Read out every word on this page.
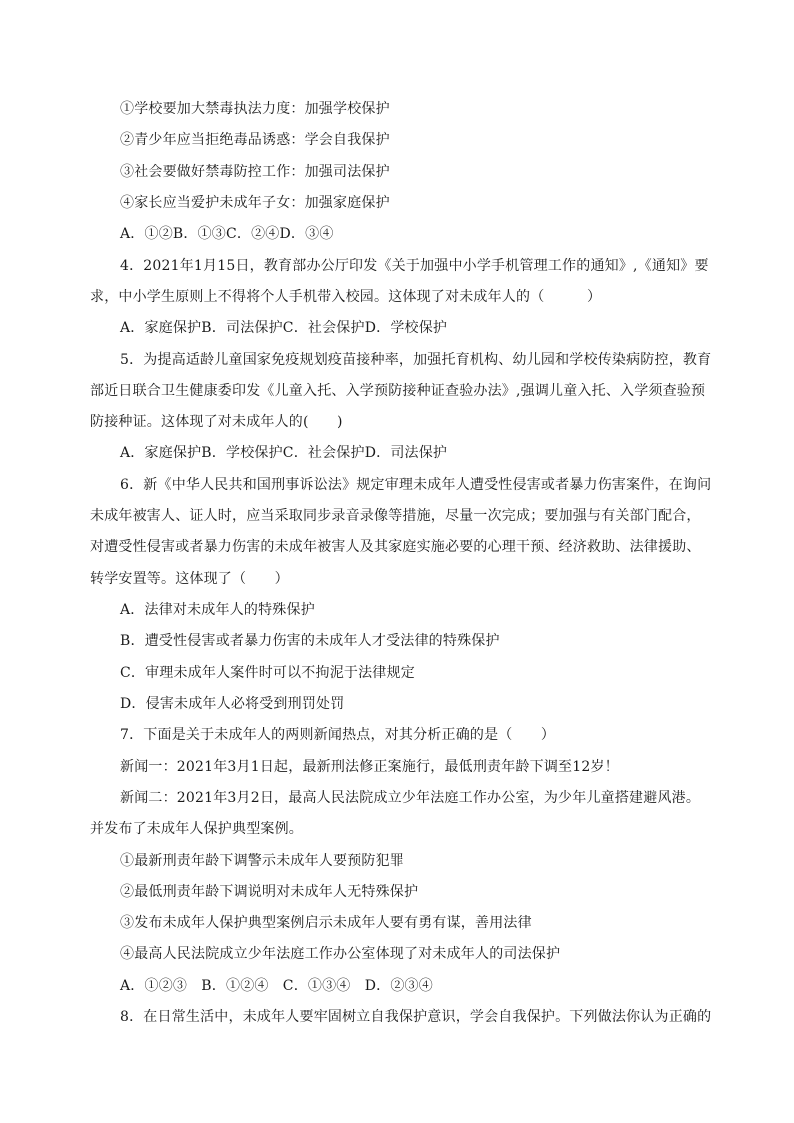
①学校要加大禁毒执法力度：加强学校保护
②青少年应当拒绝毒品诱惑：学会自我保护
③社会要做好禁毒防控工作：加强司法保护
④家长应当爱护未成年子女：加强家庭保护
A．①②B．①③C．②④D．③④
4．2021年1月15日，教育部办公厅印发《关于加强中小学手机管理工作的通知》,《通知》要
求，中小学生原则上不得将个人手机带入校园。这体现了对未成年人的（　　　）
A．家庭保护B．司法保护C．社会保护D．学校保护
5．为提高适龄儿童国家免疫规划疫苗接种率，加强托育机构、幼儿园和学校传染病防控，教育
部近日联合卫生健康委印发《儿童入托、入学预防接种证查验办法》,强调儿童入托、入学须查验预
防接种证。这体现了对未成年人的(　　)
A．家庭保护B．学校保护C．社会保护D．司法保护
6．新《中华人民共和国刑事诉讼法》规定审理未成年人遭受性侵害或者暴力伤害案件，在询问
未成年被害人、证人时，应当采取同步录音录像等措施，尽量一次完成；要加强与有关部门配合，
对遭受性侵害或者暴力伤害的未成年被害人及其家庭实施必要的心理干预、经济救助、法律援助、
转学安置等。这体现了（　　）
A．法律对未成年人的特殊保护
B．遭受性侵害或者暴力伤害的未成年人才受法律的特殊保护
C．审理未成年人案件时可以不拘泥于法律规定
D．侵害未成年人必将受到刑罚处罚
7．下面是关于未成年人的两则新闻热点，对其分析正确的是（　　）
新闻一：2021年3月1日起，最新刑法修正案施行，最低刑责年龄下调至12岁！
新闻二：2021年3月2日，最高人民法院成立少年法庭工作办公室，为少年儿童搭建避风港。
并发布了未成年人保护典型案例。
①最新刑责年龄下调警示未成年人要预防犯罪
②最低刑责年龄下调说明对未成年人无特殊保护
③发布未成年人保护典型案例启示未成年人要有勇有谋，善用法律
④最高人民法院成立少年法庭工作办公室体现了对未成年人的司法保护
A．①②③　B．①②④　C．①③④　D．②③④
8．在日常生活中，未成年人要牢固树立自我保护意识，学会自我保护。下列做法你认为正确的
